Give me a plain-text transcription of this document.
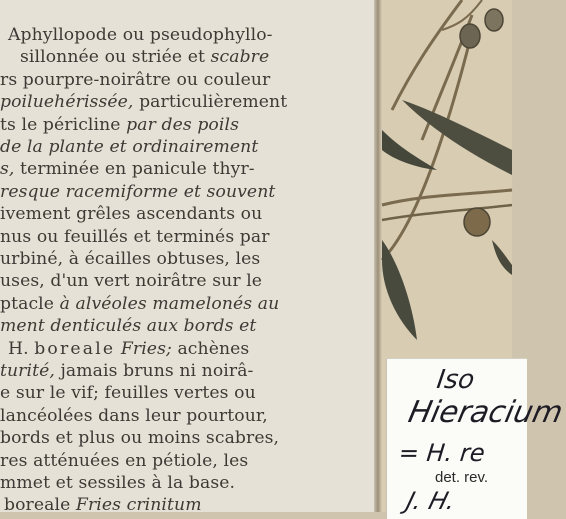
Aphyllopode ou pseudophyllo-
sillonnée ou striée et scabre
rs pourpre-noirâtre ou couleur
poiluehérissée, particulièrement
ts le péricline par des poils
de la plante et ordinairement
s, terminée en panicule thyr-
resque racemiforme et souvent
ivement grêles ascendants ou
nus ou feuillés et terminés par
urbiné, à écailles obtuses, les
uses, d'un vert noirâtre sur le
ptacle à alvéoles mamelonés au
ment denticulés aux bords et
H. boreale Fries; achènes
turité, jamais bruns ni noirâ-
e sur le vif; feuilles vertes ou
lancéolées dans leur pourtour,
bords et plus ou moins scabres,
res atténuées en pétiole, les
mmet et sessiles à la base.
boreale Fries crinitum
Iso
Hieracium
= H. re
det. rev.
J. H.
